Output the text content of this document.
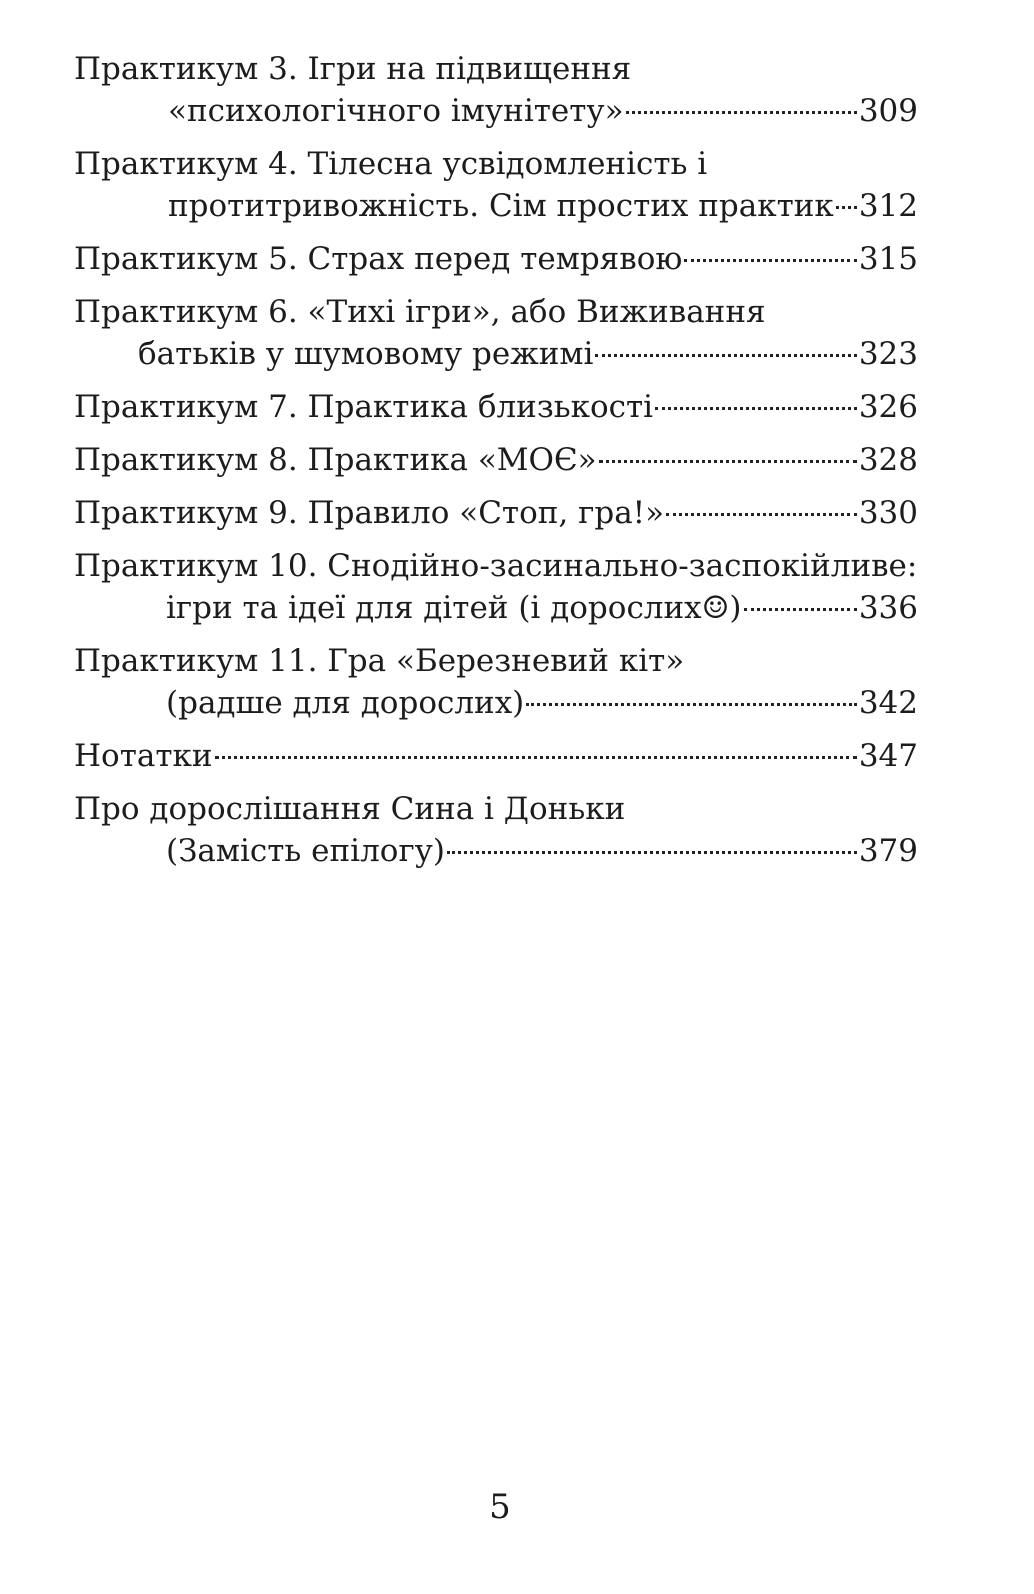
Практикум 3. Ігри на підвищення
«психологічного імунітету»	309
Практикум 4. Тілесна усвідомленість і
протитривожність. Сім простих практик 312
Практикум 5. Страх перед темрявою	315
Практикум 6. «Тихі ігри», або Виживання
батьків у шумовому режимі	323
Практикум 7. Практика близькості	326
Практикум 8. Практика «МОЄ»	328
Практикум 9. Правило «Стоп, гра!»	330
Практикум 10. Снодійно-засинально-заспокійливе:
ігри та ідеї для дітей (і дорослих☺)	336
Практикум 11. Гра «Березневий кіт»
(радше для дорослих)	342
Нотатки	347
Про дорослішання Сина і Доньки
(Замість епілогу)	379
5
